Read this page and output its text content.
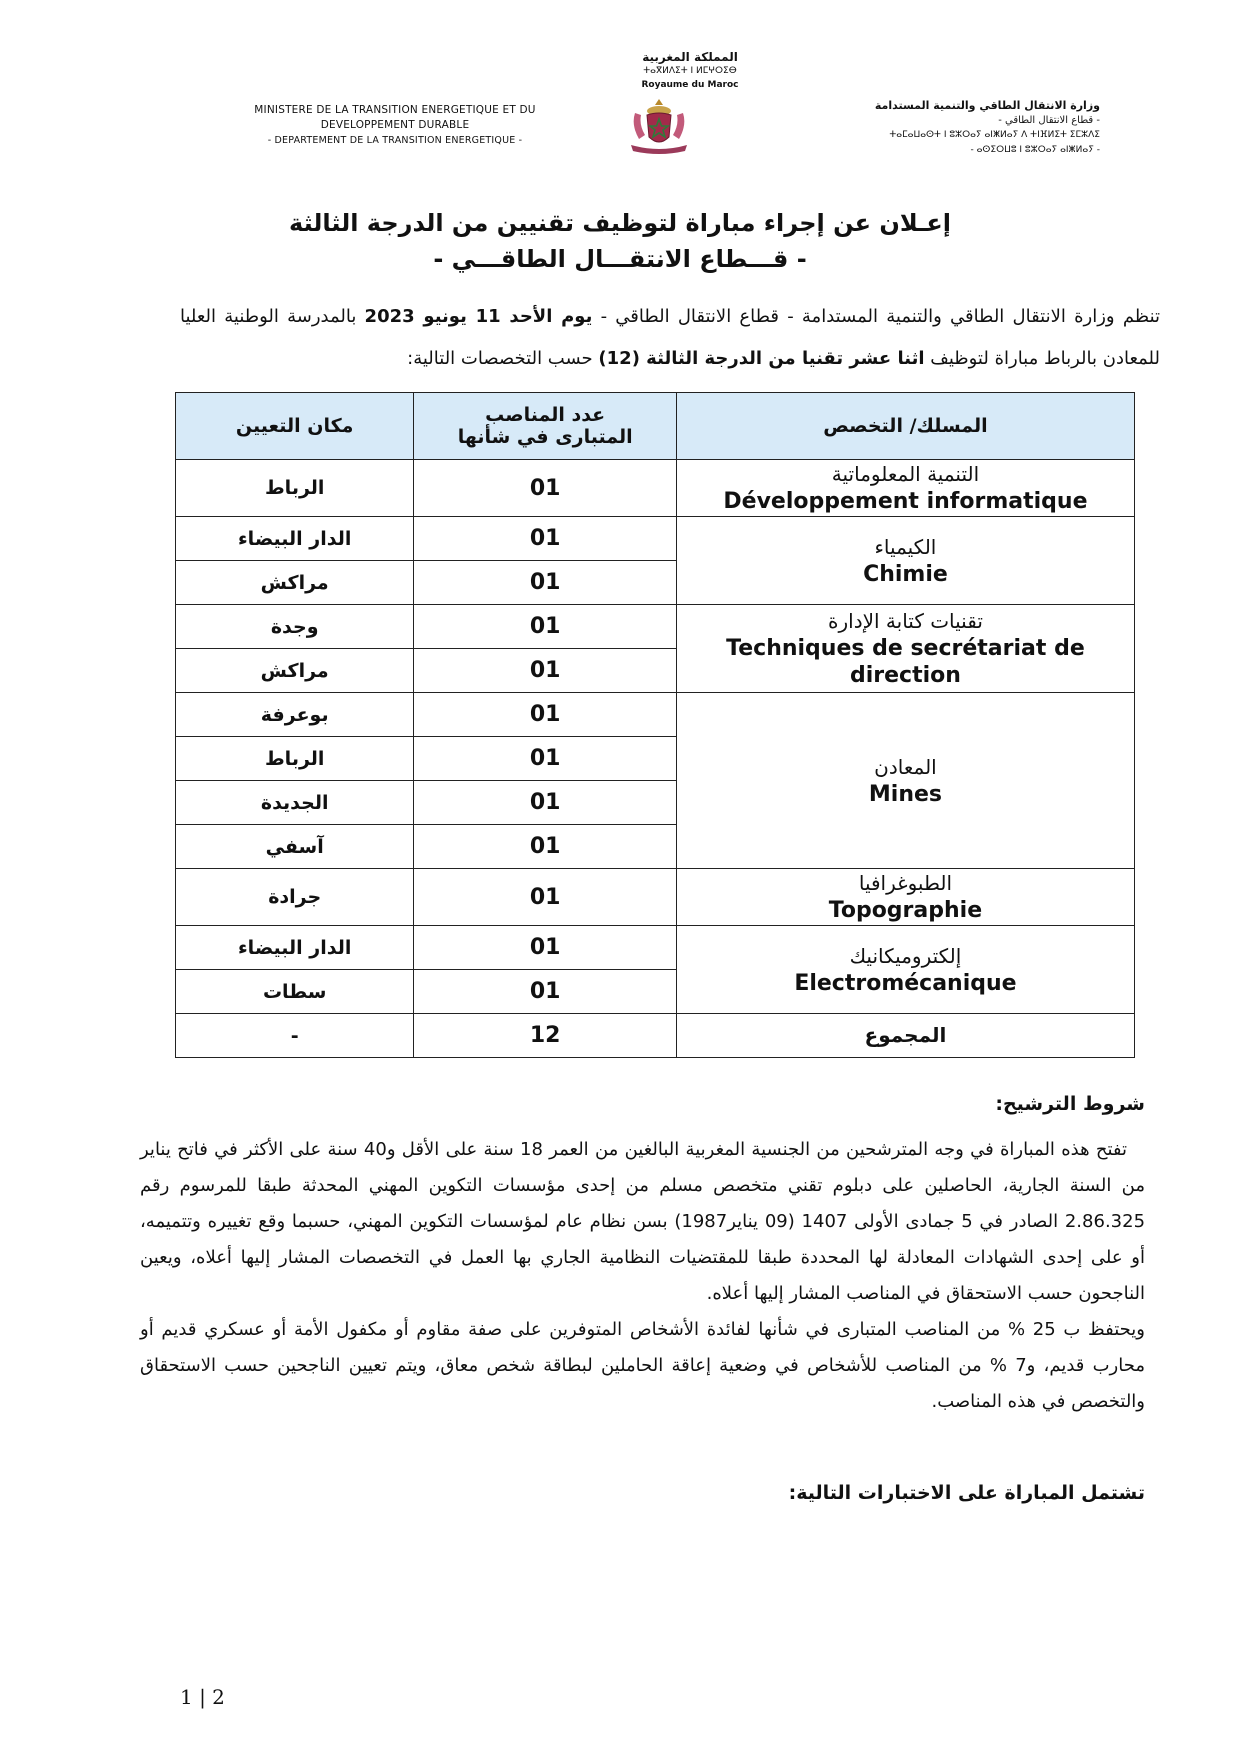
MINISTERE DE LA TRANSITION ENERGETIQUE ET DU
DEVELOPPEMENT DURABLE
- DEPARTEMENT DE LA TRANSITION ENERGETIQUE -
المملكة المغربية
ⵜⴰⴳⵍⴷⵉⵜ ⵏ ⵍⵎⵖⵔⵉⴱ
Royaume du Maroc
وزارة الانتقال الطاقي والتنمية المستدامة
- قطاع الانتقال الطاقي -
ⵜⴰⵎⴰⵡⴰⵙⵜ ⵏ ⵓⵣⵔⴰⵢ ⴰⵏⵥⵍⴰⵢ ⴷ ⵜⵏⴼⵍⵉⵜ ⵉⵎⵣⴷⵉ
- ⴰⵙⵉⵔⵡⵓ ⵏ ⵓⵣⵔⴰⵢ ⴰⵏⵥⵍⴰⵢ -
إعـلان عن إجراء مباراة لتوظيف تقنيين من الدرجة الثالثة
- قـــطاع الانتقـــال الطاقـــي -
تنظم وزارة الانتقال الطاقي والتنمية المستدامة - قطاع الانتقال الطاقي - يوم الأحد 11 يونيو 2023 بالمدرسة الوطنية العليا للمعادن بالرباط مباراة لتوظيف اثنا عشر تقنيا من الدرجة الثالثة (12) حسب التخصصات التالية:
المسلك/ التخصص	عدد المناصب المتبارى في شأنها	مكان التعيين

التنمية المعلوماتية
Développement informatique	01	الرباط

الكيمياء
Chimie	01	الدار البيضاء
	01	مراكش

تقنيات كتابة الإدارة
Techniques de secrétariat de direction	01	وجدة
	01	مراكش

المعادن
Mines	01	بوعرفة
	01	الرباط
	01	الجديدة
	01	آسفي

الطبوغرافيا
Topographie	01	جرادة

إلكتروميكانيك
Electromécanique	01	الدار البيضاء
	01	سطات
المجموع	12	-
شروط الترشيح:

تفتح هذه المباراة في وجه المترشحين من الجنسية المغربية البالغين من العمر 18 سنة على الأقل و40 سنة على الأكثر في فاتح يناير من السنة الجارية، الحاصلين على دبلوم تقني متخصص مسلم من إحدى مؤسسات التكوين المهني المحدثة طبقا للمرسوم رقم 2.86.325 الصادر في 5 جمادى الأولى 1407 (09 يناير1987) بسن نظام عام لمؤسسات التكوين المهني، حسبما وقع تغييره وتتميمه، أو على إحدى الشهادات المعادلة لها المحددة طبقا للمقتضيات النظامية الجاري بها العمل في التخصصات المشار إليها أعلاه، ويعين الناجحون حسب الاستحقاق في المناصب المشار إليها أعلاه.

ويحتفظ ب 25 % من المناصب المتبارى في شأنها لفائدة الأشخاص المتوفرين على صفة مقاوم أو مكفول الأمة أو عسكري قديم أو محارب قديم، و7 % من المناصب للأشخاص في وضعية إعاقة الحاملين لبطاقة شخص معاق، ويتم تعيين الناجحين حسب الاستحقاق والتخصص في هذه المناصب.

تشتمل المباراة على الاختبارات التالية:
1 | 2
